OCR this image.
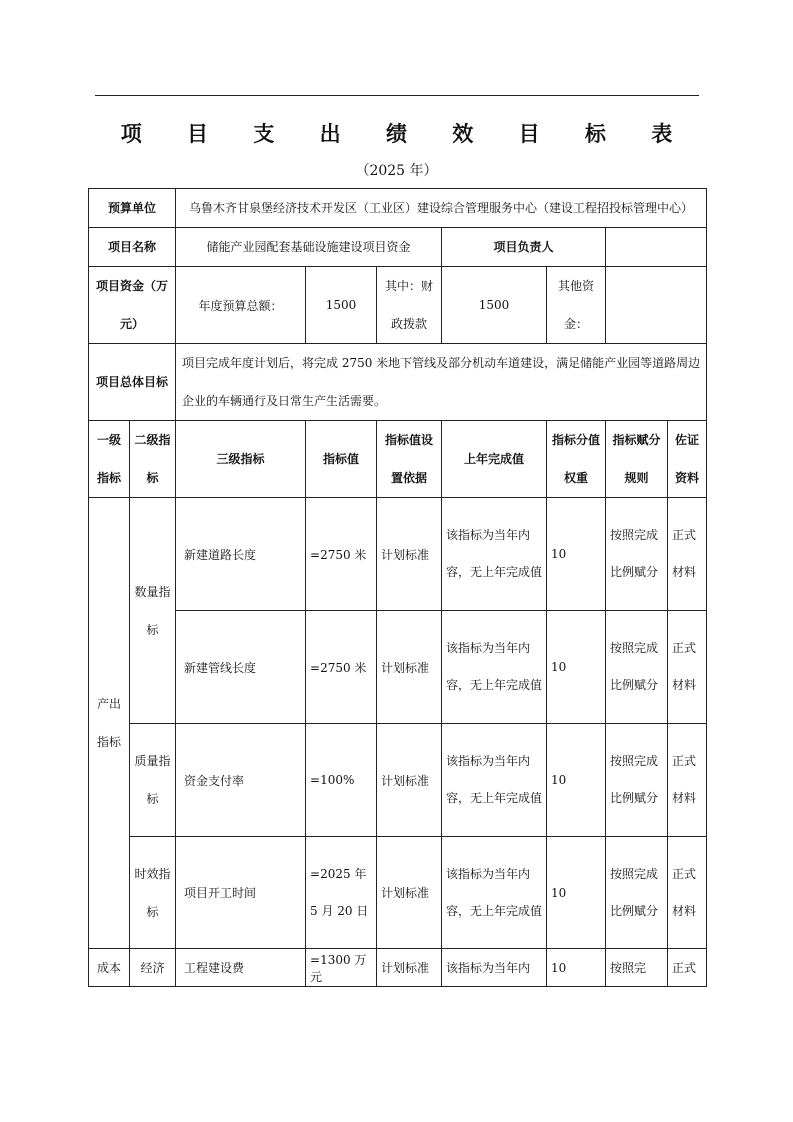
项 目 支 出 绩 效 目 标 表
（2025 年）
预算单位		乌鲁木齐甘泉堡经济技术开发区（工业区）建设综合管理服务中心（建设工程招投标管理中心）						
项目名称		储能产业园配套基础设施建设项目资金			项目负责人			
项目资金（万元）		年度预算总额：	1500	其中：财政拨款	1500	其他资金：		
项目总体目标		项目完成年度计划后，将完成 2750 米地下管线及部分机动车道建设，满足储能产业园等道路周边企业的车辆通行及日常生产生活需要。						
一级指标	二级指标	三级指标	指标值	指标值设置依据	上年完成值	指标分值权重	指标赋分规则	佐证资料
产出指标	数量指标	新建道路长度	=2750 米	计划标准	该指标为当年内容，无上年完成值	10	按照完成比例赋分	正式材料
		新建管线长度	=2750 米	计划标准	该指标为当年内容，无上年完成值	10	按照完成比例赋分	正式材料
	质量指标	资金支付率	=100%	计划标准	该指标为当年内容，无上年完成值	10	按照完成比例赋分	正式材料
	时效指标	项目开工时间	=2025 年 5 月 20 日	计划标准	该指标为当年内容，无上年完成值	10	按照完成比例赋分	正式材料
成本	经济	工程建设费	=1300 万元	计划标准	该指标为当年内	10	按照完	正式
